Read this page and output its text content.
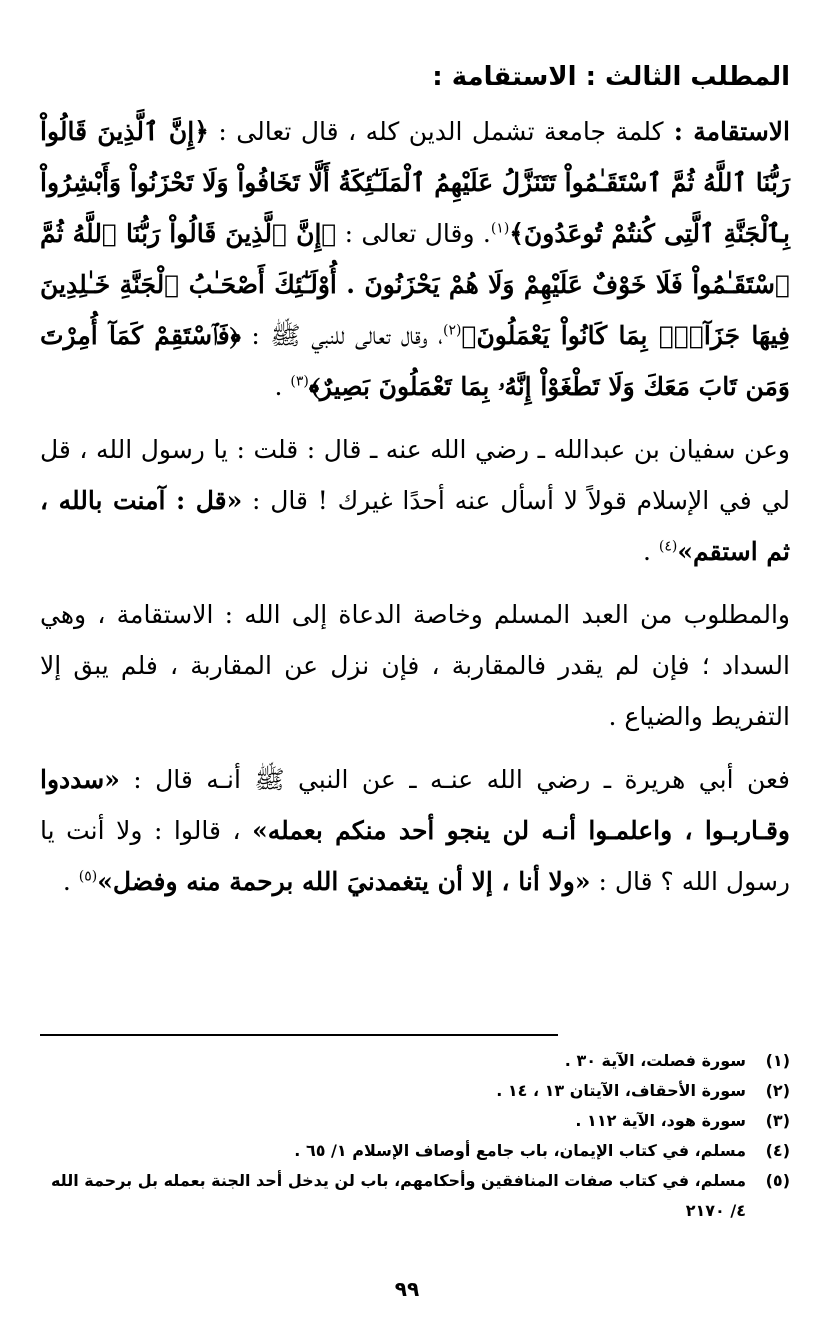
المطلب الثالث : الاستقامة :

الاستقامة : كلمة جامعة تشمل الدين كله ، قال تعالى : ﴿إِنَّ ٱلَّذِينَ قَالُواْ رَبُّنَا ٱللَّهُ ثُمَّ ٱسْتَقَـٰمُواْ تَتَنَزَّلُ عَلَيْهِمُ ٱلْمَلَـٰٓئِكَةُ أَلَّا تَخَافُواْ وَلَا تَحْزَنُواْ وَأَبْشِرُواْ بِٱلْجَنَّةِ ٱلَّتِى كُنتُمْ تُوعَدُونَ﴾$^{(١)}$. وقال تعالى : ﴿إِنَّ ٱلَّذِينَ قَالُواْ رَبُّنَا ٱللَّهُ ثُمَّ ٱسْتَقَـٰمُواْ فَلَا خَوْفٌ عَلَيْهِمْ وَلَا هُمْ يَحْزَنُونَ . أُوْلَـٰٓئِكَ أَصْحَـٰبُ ٱلْجَنَّةِ خَـٰلِدِينَ فِيهَا جَزَآءًۢ بِمَا كَانُواْ يَعْمَلُونَ﴾$^{(٢)}$، وقال تعالى للنبي ﷺ : ﴿فَٱسْتَقِمْ كَمَآ أُمِرْتَ وَمَن تَابَ مَعَكَ وَلَا تَطْغَوْاْ إِنَّهُۥ بِمَا تَعْمَلُونَ بَصِيرٌ﴾$^{(٣)}$ .

وعن سفيان بن عبدالله ـ رضي الله عنه ـ قال : قلت : يا رسول الله ، قل لي في الإسلام قولاً لا أسأل عنه أحدًا غيرك ! قال : «قل : آمنت بالله ، ثم استقم»$^{(٤)}$ .

والمطلوب من العبد المسلم وخاصة الدعاة إلى الله : الاستقامة ، وهي السداد ؛ فإن لم يقدر فالمقاربة ، فإن نزل عن المقاربة ، فلم يبق إلا التفريط والضياع .

فعن أبي هريرة ـ رضي الله عنـه ـ عن النبي ﷺ أنـه قال : «سددوا وقـاربـوا ، واعلمـوا أنـه لن ينجو أحد منكم بعمله» ، قالوا : ولا أنت يا رسول الله ؟ قال : «ولا أنا ، إلا أن يتغمدنيَ الله برحمة منه وفضل»$^{(٥)}$ .

(١)
سورة فصلت، الآية ٣٠ .
(٢)
سورة الأحقاف، الآيتان ١٣ ، ١٤ .
(٣)
سورة هود، الآية ١١٢ .
(٤)
مسلم، في كتاب الإيمان، باب جامع أوصاف الإسلام ١/ ٦٥ .
(٥)
مسلم، في كتاب صفات المنافقين وأحكامهم، باب لن يدخل أحد الجنة بعمله بل برحمة الله ٤/ ٢١٧٠
٩٩
